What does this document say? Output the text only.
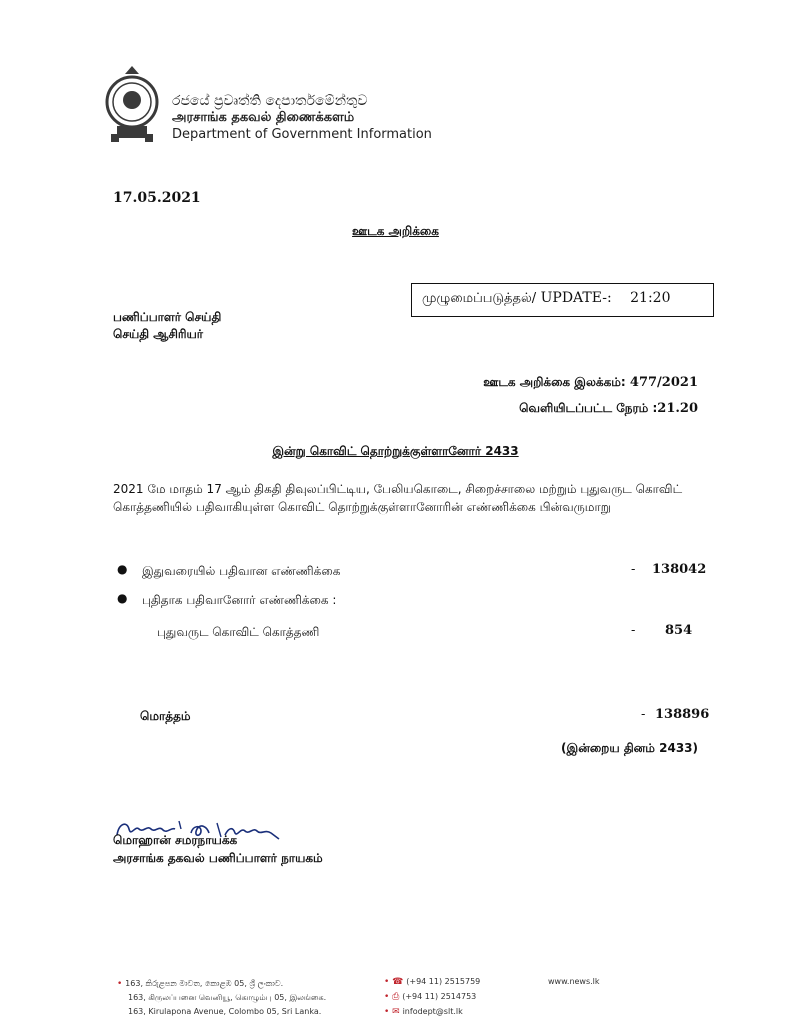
රජයේ ප්‍රවෘත්ති දෙපාර්තමේන්තුව
அரசாங்க தகவல் திணைக்களம்
Department of Government Information
17.05.2021
ஊடக அறிக்கை
முழுமைப்படுத்தல்/ UPDATE-: 21:20
பணிப்பாளர் செய்தி
செய்தி ஆசிரியர்
ஊடக அறிக்கை இலக்கம்: 477/2021
வெளியிடப்பட்ட நேரம் :21.20
இன்று கொவிட் தொற்றுக்குள்ளானோர் 2433
2021 மே மாதம் 17 ஆம் திகதி திவுலப்பிட்டிய, பேலியகொடை, சிறைச்சாலை மற்றும் புதுவருட கொவிட் கொத்தணியில் பதிவாகியுள்ள கொவிட் தொற்றுக்குள்ளானோரின் எண்ணிக்கை பின்வருமாறு
● இதுவரையில் பதிவான எண்ணிக்கை	- 138042
● புதிதாக பதிவானோர் எண்ணிக்கை :
புதுவருட கொவிட் கொத்தணி	- 854
மொத்தம்	- 138896
(இன்றைய தினம் 2433)
மொஹான் சமரநாயக்க
அரசாங்க தகவல் பணிப்பாளர் நாயகம்
• 163, කිරුළපන මාවත, කොළඹ 05, ශ්‍රී ලංකාව.
163, கிருலப்பனை வெனியூ, கொழும்பு 05, இலங்கை.
163, Kirulapona Avenue, Colombo 05, Sri Lanka.
• ☎ (+94 11) 2515759
• ⎙ (+94 11) 2514753
• ✉ infodept@slt.lk
www.news.lk
